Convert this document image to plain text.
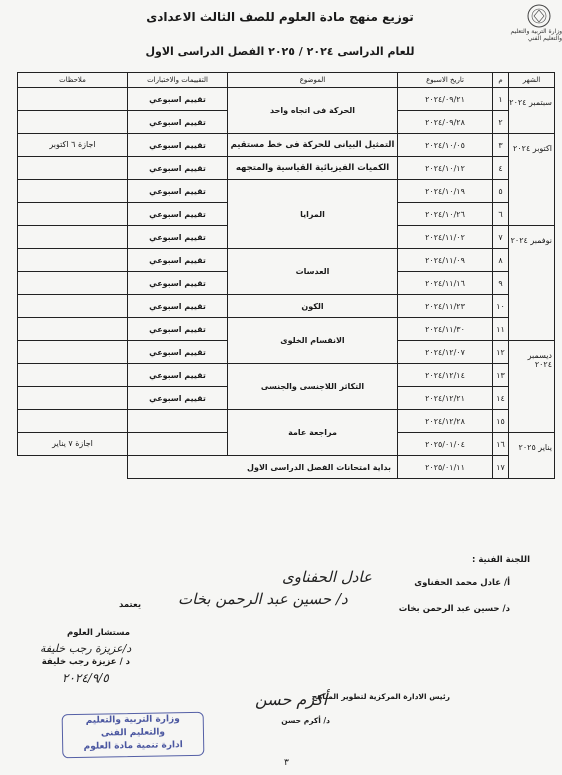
وزارة التربية والتعليم
والتعليم الفني
توزيع منهج مادة العلوم للصف الثالث الاعدادى
للعام الدراسى ٢٠٢٤ / ٢٠٢٥ الفصل الدراسى الاول
الشهر	م	تاريخ الاسبوع	الموضوع	التقييمات والاختبارات	ملاحظات
سبتمبر ٢٠٢٤	١	٢٠٢٤/٠٩/٢١	الحركة فى اتجاه واحد	تقييم اسبوعي	
	٢	٢٠٢٤/٠٩/٢٨		تقييم اسبوعي	
اكتوبر ٢٠٢٤	٣	٢٠٢٤/١٠/٠٥	التمثيل البيانى للحركة فى خط مستقيم	تقييم اسبوعي	اجازة ٦ اكتوبر
	٤	٢٠٢٤/١٠/١٢	الكميات الفيزيائية القياسية والمتجهه	تقييم اسبوعي	
	٥	٢٠٢٤/١٠/١٩	المرايا	تقييم اسبوعي	
	٦	٢٠٢٤/١٠/٢٦		تقييم اسبوعي	
نوفمبر ٢٠٢٤	٧	٢٠٢٤/١١/٠٢		تقييم اسبوعي	
	٨	٢٠٢٤/١١/٠٩	العدسات	تقييم اسبوعي	
	٩	٢٠٢٤/١١/١٦		تقييم اسبوعي	
	١٠	٢٠٢٤/١١/٢٣	الكون	تقييم اسبوعي	
	١١	٢٠٢٤/١١/٣٠	الانقسام الخلوى	تقييم اسبوعي	
ديسمبر ٢٠٢٤	١٢	٢٠٢٤/١٢/٠٧		تقييم اسبوعي	
	١٣	٢٠٢٤/١٢/١٤	التكاثر اللاجنسى والجنسى	تقييم اسبوعي	
	١٤	٢٠٢٤/١٢/٢١		تقييم اسبوعي	
	١٥	٢٠٢٤/١٢/٢٨	مراجعة عامة		
يناير ٢٠٢٥	١٦	٢٠٢٥/٠١/٠٤			اجازة ٧ يناير
	١٧	٢٠٢٥/٠١/١١	بداية امتحانات الفصل الدراسى الاول		
اللجنة الفنية :
أ/ عادل محمد الحفناوى
عادل الحفناوى
د/ حسين عبد الرحمن بخات
د/ حسين عبد الرحمن بخات
يعتمد
مستشار العلوم
د/عزيزة رجب خليفة
د / عزيزة رجب خليفة
٢٠٢٤/٩/٥
رئيس الادارة المركزية لتطوير المناهج
أكرم حسن
د/ أكرم حسن
وزارة التربية والتعليم
والتعليم الفنى
ادارة تنمية مادة العلوم
٣
